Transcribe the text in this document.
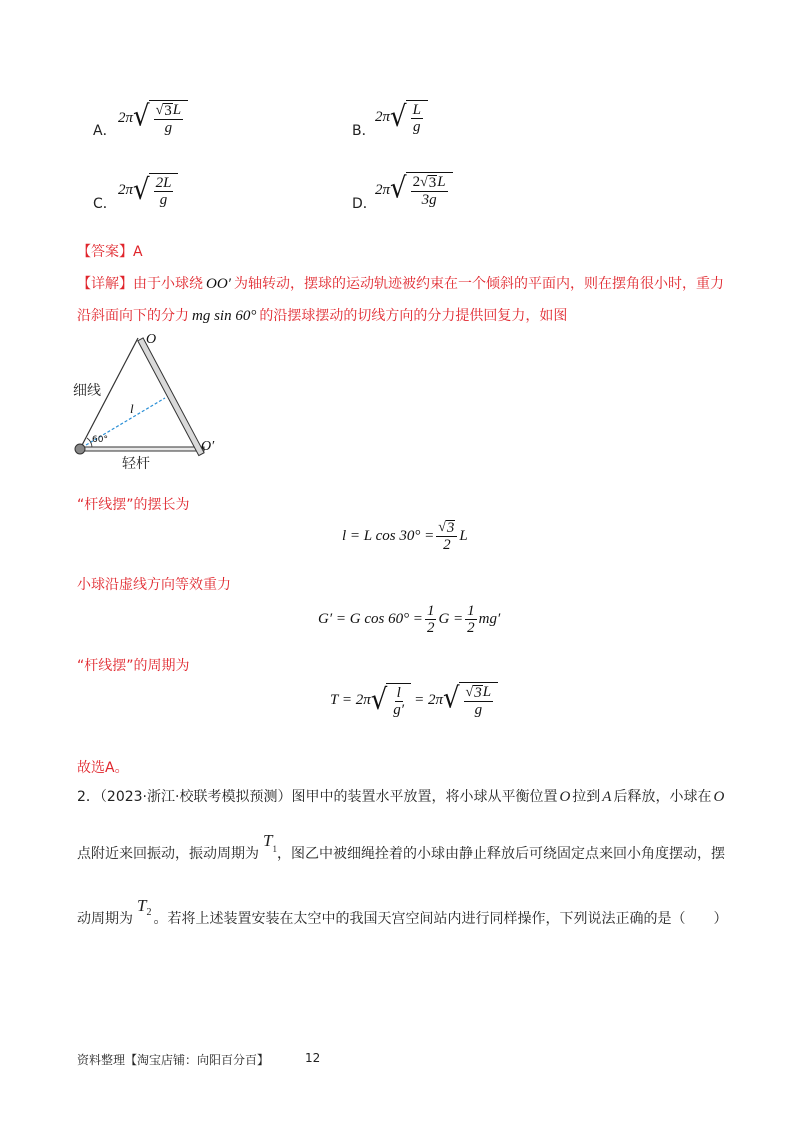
A．
2π √ $\frac{√ 3 L}{g}$	B．
2π √ $\frac{L}{g}$
C．
2π √ $\frac{2L}{g}$	D．
2π √ $\frac{2 √ 3 L}{3g}$
【答案】A
【详解】由于小球绕 OO′ 为轴转动，摆球的运动轨迹被约束在一个倾斜的平面内，则在摆角很小时，重力
沿斜面向下的分力 mg sin 60° 的沿摆球摆动的切线方向的分力提供回复力，如图
O
O′
l
60°
细线
轻杆
“杆线摆”的摆长为
l = L $\cos 30^\circ = \frac{√ 3}{2}$ L
小球沿虚线方向等效重力
G′ = G $\cos 60^\circ = \frac{1}{2}$ $G = \frac{1}{2} mg'$
“杆线摆”的周期为
T = 2π √ $\frac{l}{g'} = 2\pi$ √ $\frac{√ 3 L}{g}$
故选A。
2．（2023·浙江·校联考模拟预测）图甲中的装置水平放置，将小球从平衡位置 O 拉到 A 后释放，小球在 O
点附近来回振动，振动周期为$T^1$，图乙中被细绳拴着的小球由静止释放后可绕固定点来回小角度摆动，摆
动周期为$T^2$ 。若将上述装置安装在太空中的我国天宫空间站内进行同样操作，下列说法正确的是（　　）
资料整理【淘宝店铺：向阳百分百】	12
